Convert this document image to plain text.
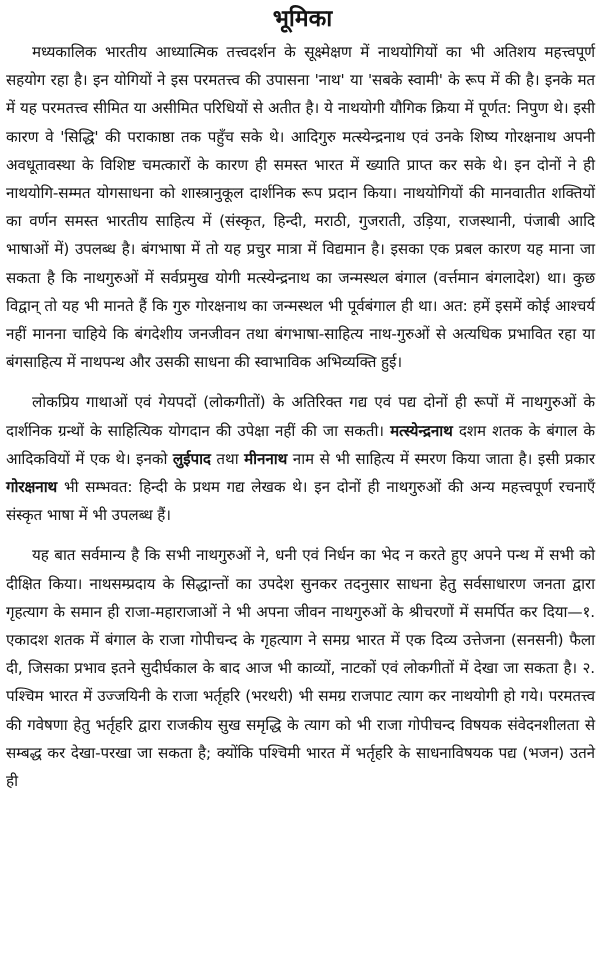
भूमिका

मध्यकालिक भारतीय आध्यात्मिक तत्त्वदर्शन के सूक्ष्मेक्षण में नाथयोगियों का भी अतिशय महत्त्वपूर्ण सहयोग रहा है। इन योगियों ने इस परमतत्त्व की उपासना 'नाथ' या 'सबके स्वामी' के रूप में की है। इनके मत में यह परमतत्त्व सीमित या असीमित परिधियों से अतीत है। ये नाथयोगी यौगिक क्रिया में पूर्णत: निपुण थे। इसी कारण वे 'सिद्धि' की पराकाष्ठा तक पहुँच सके थे। आदिगुरु मत्स्येन्द्रनाथ एवं उनके शिष्य गोरक्षनाथ अपनी अवधूतावस्था के विशिष्ट चमत्कारों के कारण ही समस्त भारत में ख्याति प्राप्त कर सके थे। इन दोनों ने ही नाथयोगि-सम्मत योगसाधना को शास्त्रानुकूल दार्शनिक रूप प्रदान किया। नाथयोगियों की मानवातीत शक्तियों का वर्णन समस्त भारतीय साहित्य में (संस्कृत, हिन्दी, मराठी, गुजराती, उड़िया, राजस्थानी, पंजाबी आदि भाषाओं में) उपलब्ध है। बंगभाषा में तो यह प्रचुर मात्रा में विद्यमान है। इसका एक प्रबल कारण यह माना जा सकता है कि नाथगुरुओं में सर्वप्रमुख योगी मत्स्येन्द्रनाथ का जन्मस्थल बंगाल (वर्त्तमान बंगलादेश) था। कुछ विद्वान् तो यह भी मानते हैं कि गुरु गोरक्षनाथ का जन्मस्थल भी पूर्वबंगाल ही था। अत: हमें इसमें कोई आश्चर्य नहीं मानना चाहिये कि बंगदेशीय जनजीवन तथा बंगभाषा-साहित्य नाथ-गुरुओं से अत्यधिक प्रभावित रहा या बंगसाहित्य में नाथपन्थ और उसकी साधना की स्वाभाविक अभिव्यक्ति हुई।

लोकप्रिय गाथाओं एवं गेयपदों (लोकगीतों) के अतिरिक्त गद्य एवं पद्य दोनों ही रूपों में नाथगुरुओं के दार्शनिक ग्रन्थों के साहित्यिक योगदान की उपेक्षा नहीं की जा सकती। मत्स्येन्द्रनाथ दशम शतक के बंगाल के आदिकवियों में एक थे। इनको लुईपाद तथा मीननाथ नाम से भी साहित्य में स्मरण किया जाता है। इसी प्रकार गोरक्षनाथ भी सम्भवत: हिन्दी के प्रथम गद्य लेखक थे। इन दोनों ही नाथगुरुओं की अन्य महत्त्वपूर्ण रचनाएँ संस्कृत भाषा में भी उपलब्ध हैं।

यह बात सर्वमान्य है कि सभी नाथगुरुओं ने, धनी एवं निर्धन का भेद न करते हुए अपने पन्थ में सभी को दीक्षित किया। नाथसम्प्रदाय के सिद्धान्तों का उपदेश सुनकर तदनुसार साधना हेतु सर्वसाधारण जनता द्वारा गृहत्याग के समान ही राजा-महाराजाओं ने भी अपना जीवन नाथगुरुओं के श्रीचरणों में समर्पित कर दिया—१. एकादश शतक में बंगाल के राजा गोपीचन्द के गृहत्याग ने समग्र भारत में एक दिव्य उत्तेजना (सनसनी) फैला दी, जिसका प्रभाव इतने सुदीर्घकाल के बाद आज भी काव्यों, नाटकों एवं लोकगीतों में देखा जा सकता है। २. पश्चिम भारत में उज्जयिनी के राजा भर्तृहरि (भरथरी) भी समग्र राजपाट त्याग कर नाथयोगी हो गये। परमतत्त्व की गवेषणा हेतु भर्तृहरि द्वारा राजकीय सुख समृद्धि के त्याग को भी राजा गोपीचन्द विषयक संवेदनशीलता से सम्बद्ध कर देखा-परखा जा सकता है; क्योंकि पश्चिमी भारत में भर्तृहरि के साधनाविषयक पद्य (भजन) उतने ही
